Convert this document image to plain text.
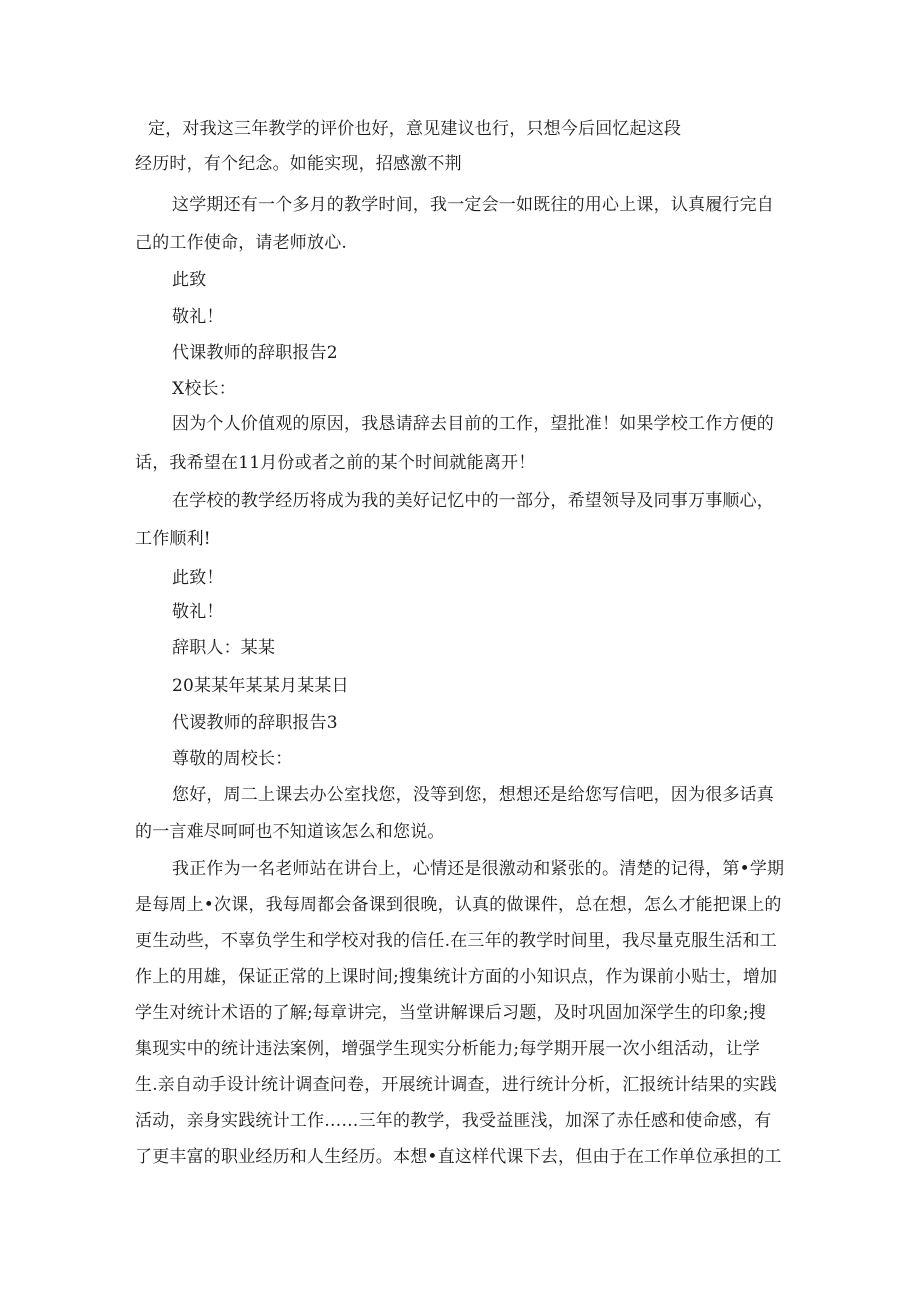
定，对我这三年教学的评价也好，意见建议也行，只想今后回忆起这段
经历时，有个纪念。如能实现，招感激不荆
这学期还有一个多月的教学时间，我一定会一如既往的用心上课，认真履行完自
己的工作使命，请老师放心.
此致
敬礼！
代课教师的辞职报告2
X校长：
因为个人价值观的原因，我恳请辞去目前的工作，望批准！如果学校工作方便的
话，我希望在11月份或者之前的某个时间就能离开！
在学校的教学经历将成为我的美好记忆中的一部分，希望领导及同事万事顺心，
工作顺利!
此致！
敬礼！
辞职人：某某
20某某年某某月某某日
代谡教师的辞职报告3
尊敬的周校长：
您好，周二上课去办公室找您，没等到您，想想还是给您写信吧，因为很多话真
的一言难尽呵呵也不知道该怎么和您说。
我正作为一名老师站在讲台上，心情还是很激动和紧张的。清楚的记得，第•学期
是每周上•次课，我每周都会备课到很晚，认真的做课件，总在想，怎么才能把课上的
更生动些，不辜负学生和学校对我的信任.在三年的教学时间里，我尽量克服生活和工
作上的用雄，保证正常的上课时间;搜集统计方面的小知识点，作为课前小贴士，增加
学生对统计术语的了解;每章讲完，当堂讲解课后习题，及时巩固加深学生的印象;搜
集现实中的统计违法案例，增强学生现实分析能力;每学期开展一次小组活动，让学
生.亲自动手设计统计调查问卷，开展统计调查，进行统计分析，汇报统计结果的实践
活动，亲身实践统计工作……三年的教学，我受益匪浅，加深了赤任感和使命感，有
了更丰富的职业经历和人生经历。本想•直这样代课下去，但由于在工作单位承担的工
